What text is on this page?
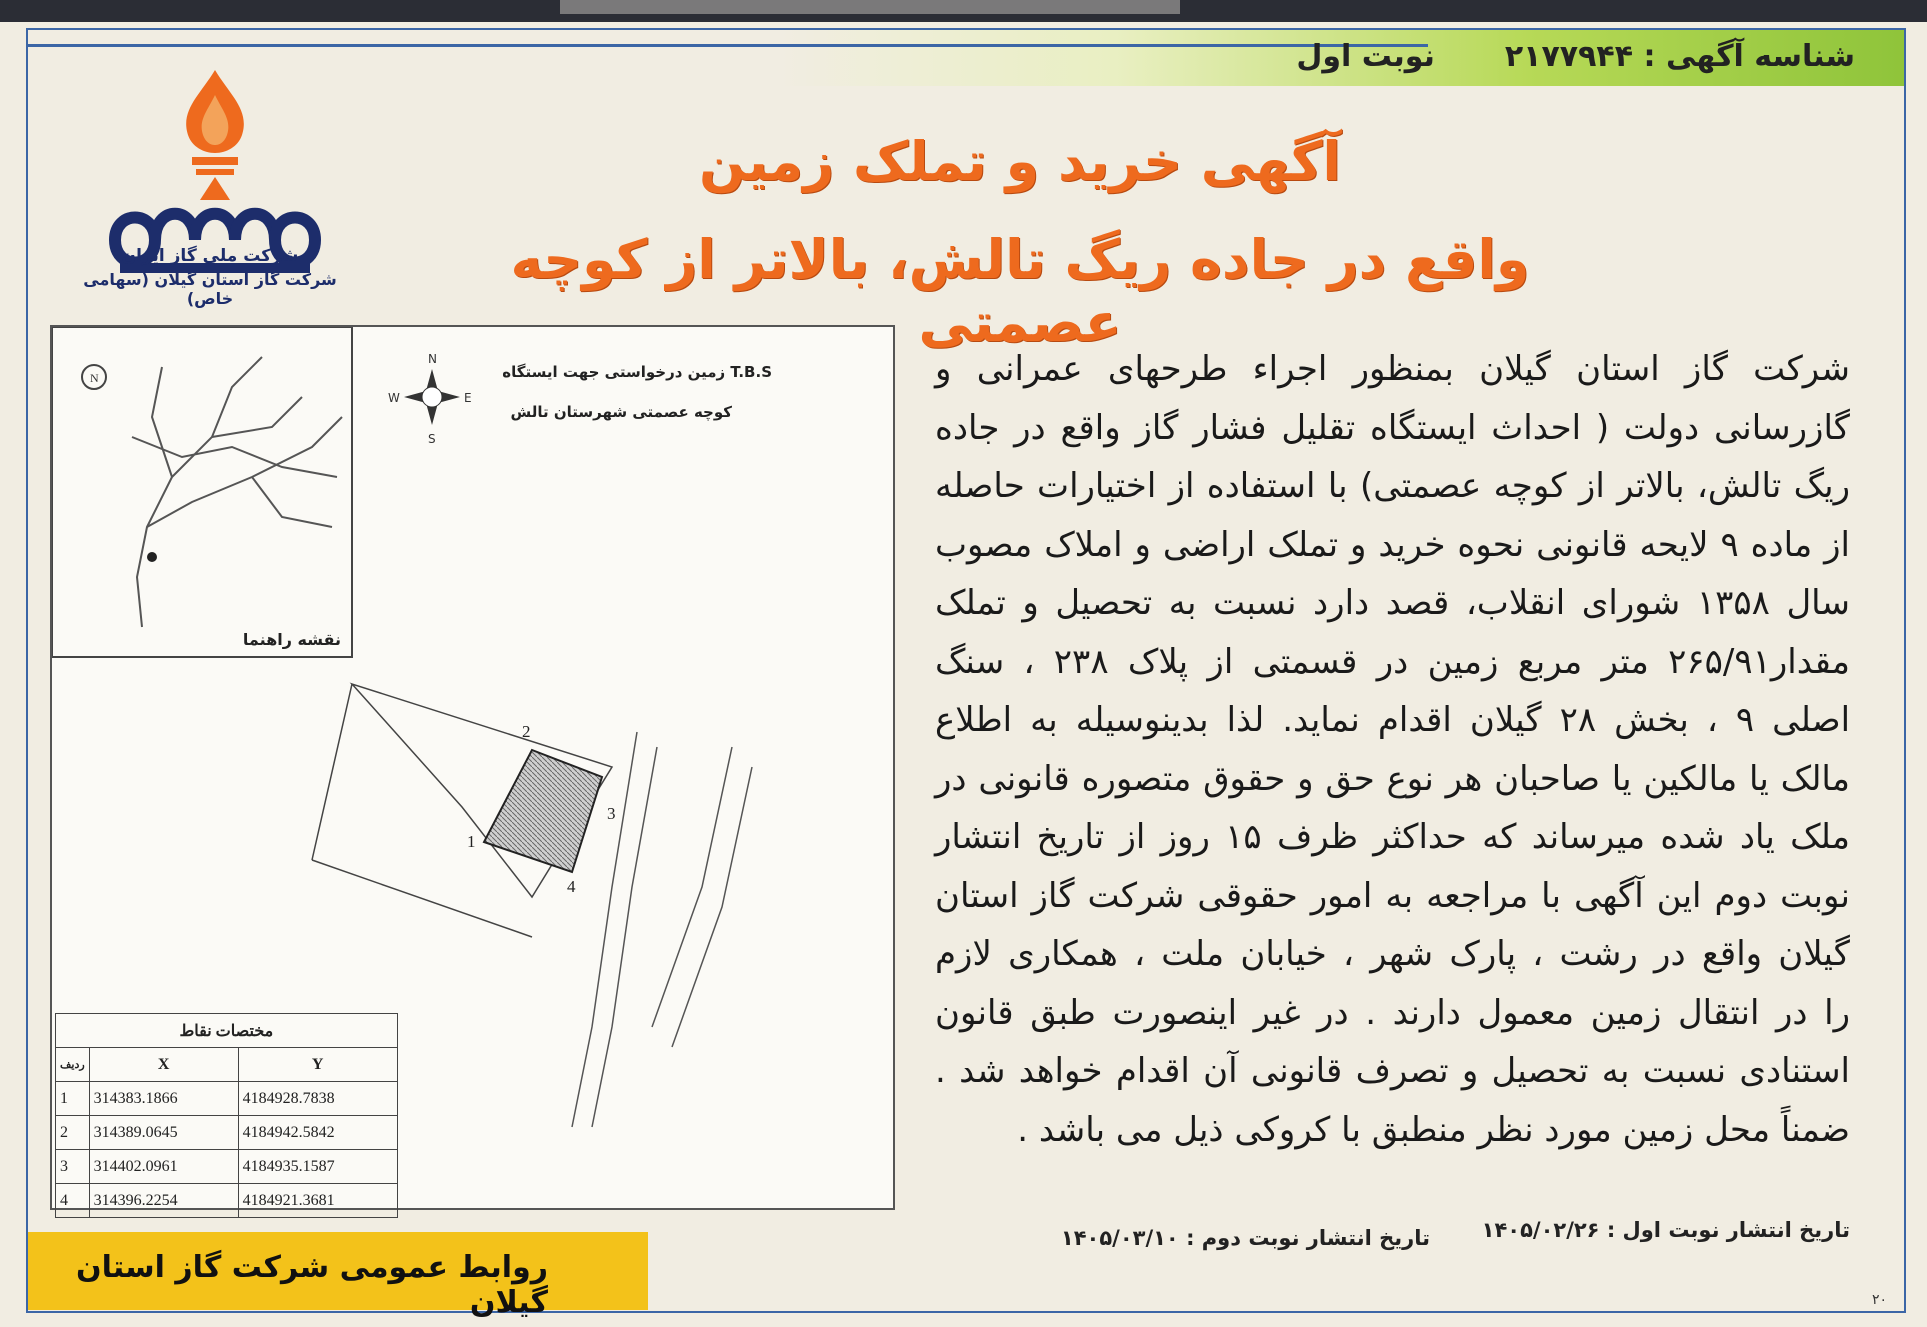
شناسه آگهی : ۲۱۷۷۹۴۴
نوبت اول
آگهی خرید و تملک زمین
واقع در جاده ریگ تالش، بالاتر از کوچه عصمتی
شرکت ملی گاز ایران
شرکت گاز استان گیلان (سهامی خاص)
شرکت گاز استان گیلان بمنظور اجراء طرحهای عمرانی و
گازرسانی دولت ( احداث ایستگاه تقلیل فشار گاز واقع در جاده
ریگ تالش، بالاتر از کوچه عصمتی) با استفاده از اختیارات حاصله
از ماده ۹ لایحه قانونی نحوه خرید و تملک اراضی و املاک مصوب
سال ۱۳۵۸ شورای انقلاب، قصد دارد نسبت به تحصیل و تملک
مقدار۲۶۵/۹۱ متر مربع زمین در قسمتی از پلاک ۲۳۸ ، سنگ
اصلی ۹ ، بخش ۲۸ گیلان اقدام نماید. لذا بدینوسیله به اطلاع
مالک یا مالکین یا صاحبان هر نوع حق و حقوق متصوره قانونی در
ملک یاد شده میرساند که حداکثر ظرف ۱۵ روز از تاریخ انتشار
نوبت دوم این آگهی با مراجعه به امور حقوقی شرکت گاز استان
گیلان واقع در رشت ، پارک شهر ، خیابان ملت ، همکاری لازم
را در انتقال زمین معمول دارند . در غیر اینصورت طبق قانون
استنادی نسبت به تحصیل و تصرف قانونی آن اقدام خواهد شد .
ضمناً محل زمین مورد نظر منطبق با کروکی ذیل می باشد .
N
نقشه راهنما
N
S
E
W
زمین درخواستی جهت ایستگاه T.B.S
کوچه عصمتی شهرستان تالش
2
3
1
4
مختصات نقاط		
ردیف	X	Y
1	314383.1866	4184928.7838
2	314389.0645	4184942.5842
3	314402.0961	4184935.1587
4	314396.2254	4184921.3681
تاریخ انتشار نوبت اول : ۱۴۰۵/۰۲/۲۶
تاریخ انتشار نوبت دوم : ۱۴۰۵/۰۳/۱۰
روابط عمومی شرکت گاز استان گیلان	۲۰
